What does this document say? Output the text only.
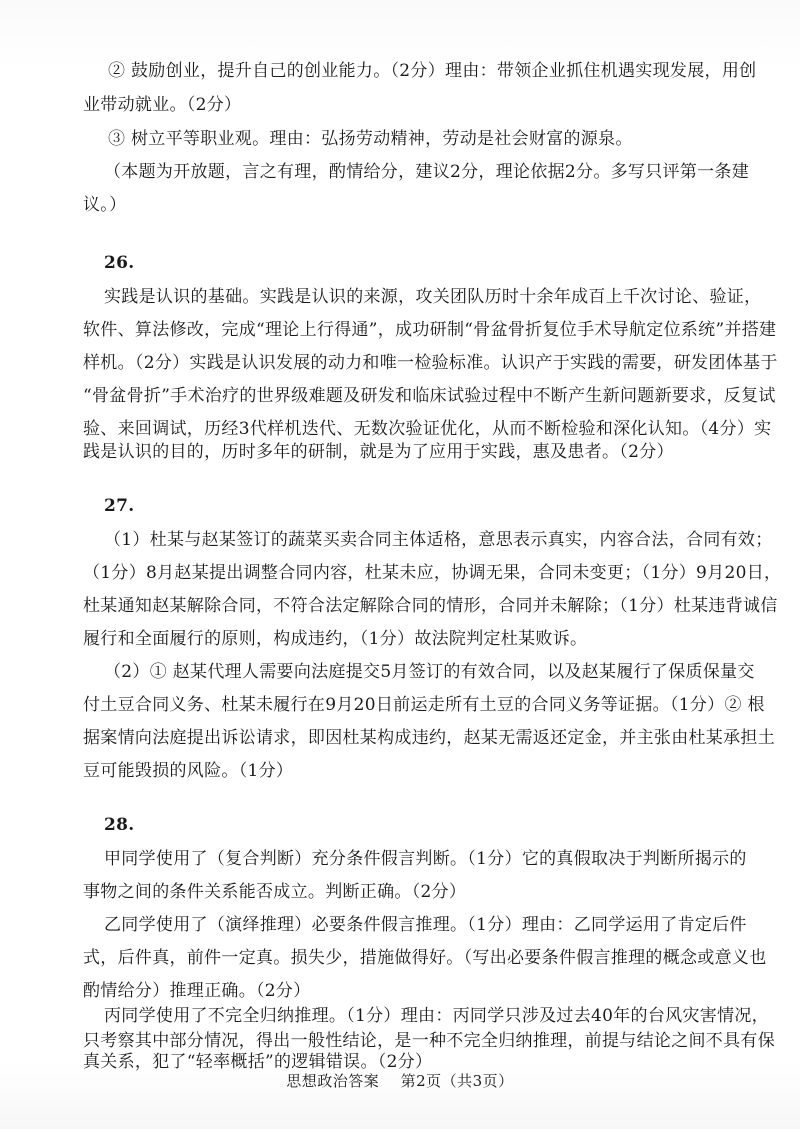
② 鼓励创业，提升自己的创业能力。（2分）理由：带领企业抓住机遇实现发展，用创
业带动就业。（2分）
③ 树立平等职业观。理由：弘扬劳动精神，劳动是社会财富的源泉。
（本题为开放题，言之有理，酌情给分，建议2分，理论依据2分。多写只评第一条建
议。）
26.
实践是认识的基础。实践是认识的来源，攻关团队历时十余年成百上千次讨论、验证，
软件、算法修改，完成“理论上行得通”，成功研制“骨盆骨折复位手术导航定位系统”并搭建
样机。（2分）实践是认识发展的动力和唯一检验标准。认识产于实践的需要，研发团体基于
“骨盆骨折”手术治疗的世界级难题及研发和临床试验过程中不断产生新问题新要求，反复试
验、来回调试，历经3代样机迭代、无数次验证优化，从而不断检验和深化认知。（4分）实
践是认识的目的，历时多年的研制，就是为了应用于实践，惠及患者。（2分）
27.
（1）杜某与赵某签订的蔬菜买卖合同主体适格，意思表示真实，内容合法，合同有效；
（1分）8月赵某提出调整合同内容，杜某未应，协调无果，合同未变更；（1分）9月20日，
杜某通知赵某解除合同，不符合法定解除合同的情形，合同并未解除；（1分）杜某违背诚信
履行和全面履行的原则，构成违约，（1分）故法院判定杜某败诉。
（2）① 赵某代理人需要向法庭提交5月签订的有效合同，以及赵某履行了保质保量交
付土豆合同义务、杜某未履行在9月20日前运走所有土豆的合同义务等证据。（1分）② 根
据案情向法庭提出诉讼请求，即因杜某构成违约，赵某无需返还定金，并主张由杜某承担土
豆可能毁损的风险。（1分）
28.
甲同学使用了（复合判断）充分条件假言判断。（1分）它的真假取决于判断所揭示的
事物之间的条件关系能否成立。判断正确。（2分）
乙同学使用了（演绎推理）必要条件假言推理。（1分）理由：乙同学运用了肯定后件
式，后件真，前件一定真。损失少，措施做得好。（写出必要条件假言推理的概念或意义也
酌情给分）推理正确。（2分）
丙同学使用了不完全归纳推理。（1分）理由：丙同学只涉及过去40年的台风灾害情况，
只考察其中部分情况，得出一般性结论，是一种不完全归纳推理，前提与结论之间不具有保
真关系，犯了“轻率概括”的逻辑错误。（2分）
思想政治答案 第2页（共3页）
